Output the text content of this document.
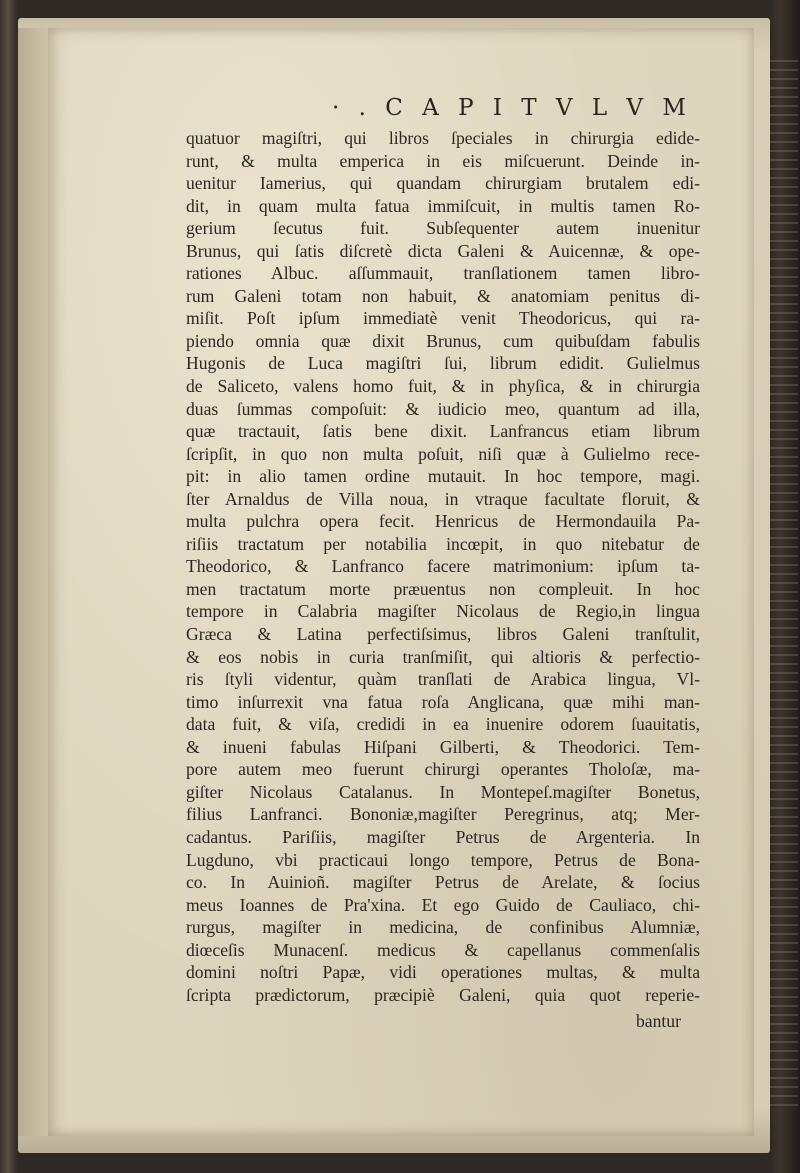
· . C A P I T V L V M
quatuor magiſtri, qui libros ſpeciales in chirurgia edide-
runt, & multa emperica in eis miſcuerunt. Deinde in-
uenitur Iamerius, qui quandam chirurgiam brutalem edi-
dit, in quam multa fatua immiſcuit, in multis tamen Ro-
gerium ſecutus fuit. Subſequenter autem inuenitur
Brunus, qui ſatis diſcretè dicta Galeni & Auicennæ, & ope-
rationes Albuc. aſſummauit, tranſlationem tamen libro-
rum Galeni totam non habuit, & anatomiam penitus di-
miſit. Poſt ipſum immediatè venit Theodoricus, qui ra-
piendo omnia quæ dixit Brunus, cum quibuſdam fabulis
Hugonis de Luca magiſtri ſui, librum edidit. Gulielmus
de Saliceto, valens homo fuit, & in phyſica, & in chirurgia
duas ſummas compoſuit: & iudicio meo, quantum ad illa,
quæ tractauit, ſatis bene dixit. Lanfrancus etiam librum
ſcripſit, in quo non multa poſuit, niſi quæ à Gulielmo rece-
pit: in alio tamen ordine mutauit. In hoc tempore, magi.
ſter Arnaldus de Villa noua, in vtraque facultate floruit, &
multa pulchra opera fecit. Henricus de Hermondauila Pa-
riſiis tractatum per notabilia incœpit, in quo nitebatur de
Theodorico, & Lanfranco facere matrimonium: ipſum ta-
men tractatum morte præuentus non compleuit. In hoc
tempore in Calabria magiſter Nicolaus de Regio,in lingua
Græca & Latina perfectiſsimus, libros Galeni tranſtulit,
& eos nobis in curia tranſmiſit, qui altioris & perfectio-
ris ſtyli videntur, quàm tranſlati de Arabica lingua, Vl-
timo inſurrexit vna fatua roſa Anglicana, quæ mihi man-
data fuit, & viſa, credidi in ea inuenire odorem ſuauitatis,
& inueni fabulas Hiſpani Gilberti, & Theodorici. Tem-
pore autem meo fuerunt chirurgi operantes Tholoſæ, ma-
giſter Nicolaus Catalanus. In Montepeſ.magiſter Bonetus,
filius Lanfranci. Bononiæ,magiſter Peregrinus, atq; Mer-
cadantus. Pariſiis, magiſter Petrus de Argenteria. In
Lugduno, vbi practicaui longo tempore, Petrus de Bona-
co. In Auinioñ. magiſter Petrus de Arelate, & ſocius
meus Ioannes de Pra'xina. Et ego Guido de Cauliaco, chi-
rurgus, magiſter in medicina, de confinibus Alumniæ,
diœceſis Munacenſ. medicus & capellanus commenſalis
domini noſtri Papæ, vidi operationes multas, & multa
ſcripta prædictorum, præcipiè Galeni, quia quot reperie-
bantur
